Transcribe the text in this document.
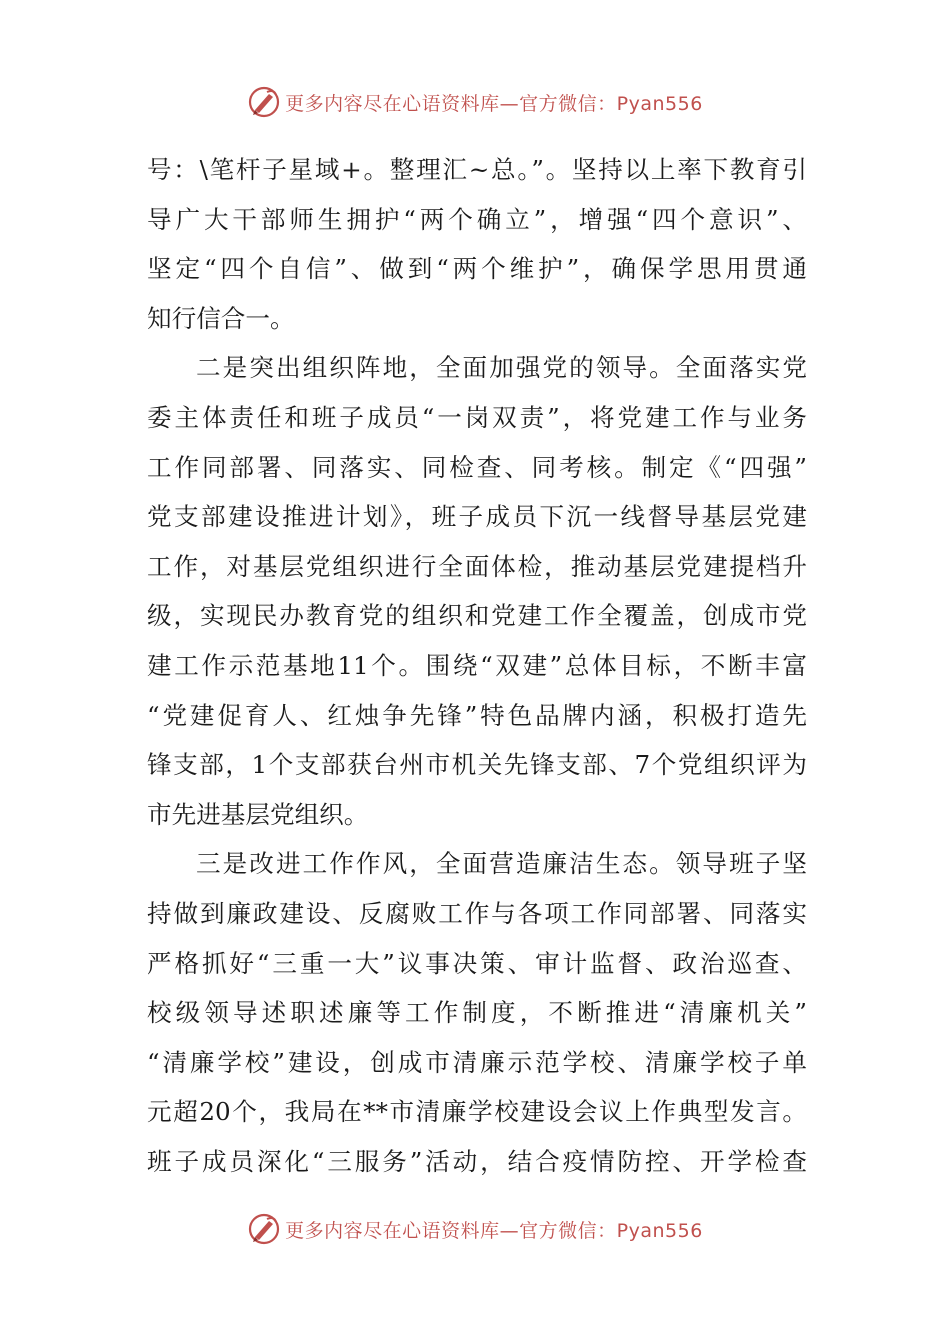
更多内容尽在心语资料库—官方微信：Pyan556
号：\笔杆子星域+。整理汇~总。”。坚持以上率下教育引
导广大干部师生拥护“两个确立”，增强“四个意识”、
坚定“四个自信”、做到“两个维护”，确保学思用贯通
知行信合一。
二是突出组织阵地，全面加强党的领导。全面落实党
委主体责任和班子成员“一岗双责”，将党建工作与业务
工作同部署、同落实、同检查、同考核。制定《“四强”
党支部建设推进计划》，班子成员下沉一线督导基层党建
工作，对基层党组织进行全面体检，推动基层党建提档升
级，实现民办教育党的组织和党建工作全覆盖，创成市党
建工作示范基地11个。围绕“双建”总体目标，不断丰富
“党建促育人、红烛争先锋”特色品牌内涵，积极打造先
锋支部，1个支部获台州市机关先锋支部、7个党组织评为
市先进基层党组织。
三是改进工作作风，全面营造廉洁生态。领导班子坚
持做到廉政建设、反腐败工作与各项工作同部署、同落实
严格抓好“三重一大”议事决策、审计监督、政治巡查、
校级领导述职述廉等工作制度，不断推进“清廉机关”
“清廉学校”建设，创成市清廉示范学校、清廉学校子单
元超20个，我局在**市清廉学校建设会议上作典型发言。
班子成员深化“三服务”活动，结合疫情防控、开学检查
更多内容尽在心语资料库—官方微信：Pyan556
